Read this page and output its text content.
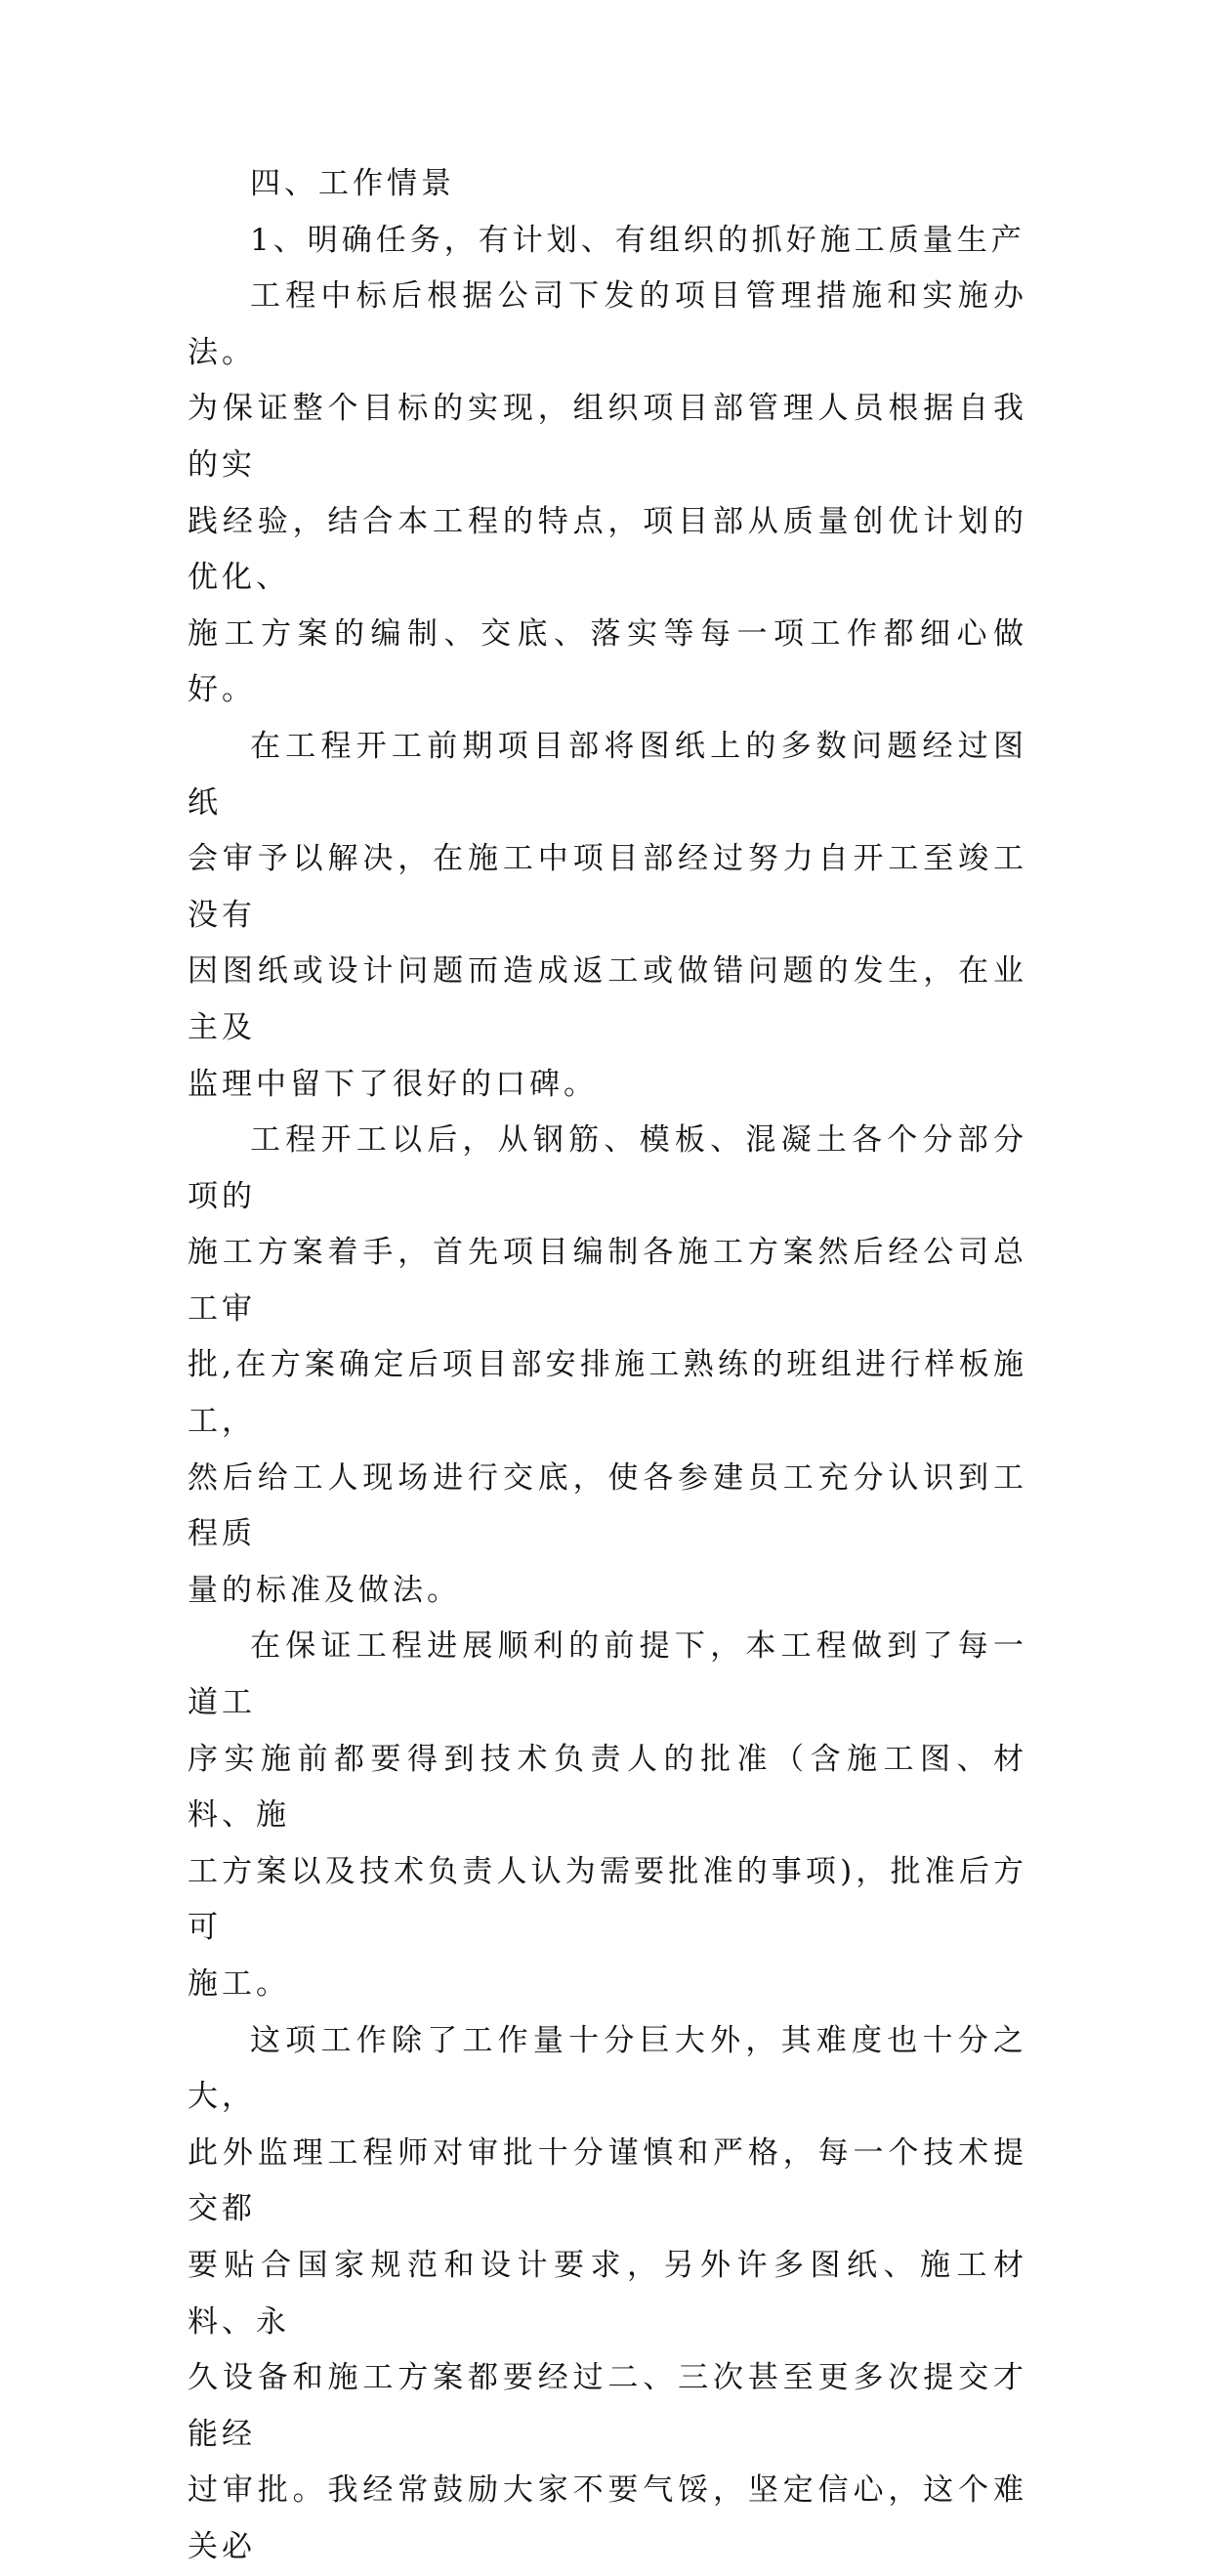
四、工作情景

1、明确任务，有计划、有组织的抓好施工质量生产

工程中标后根据公司下发的项目管理措施和实施办法。
为保证整个目标的实现，组织项目部管理人员根据自我的实
践经验，结合本工程的特点，项目部从质量创优计划的优化、
施工方案的编制、交底、落实等每一项工作都细心做好。

在工程开工前期项目部将图纸上的多数问题经过图纸
会审予以解决，在施工中项目部经过努力自开工至竣工没有
因图纸或设计问题而造成返工或做错问题的发生，在业主及
监理中留下了很好的口碑。

工程开工以后，从钢筋、模板、混凝土各个分部分项的
施工方案着手，首先项目编制各施工方案然后经公司总工审
批,在方案确定后项目部安排施工熟练的班组进行样板施工，
然后给工人现场进行交底，使各参建员工充分认识到工程质
量的标准及做法。

在保证工程进展顺利的前提下，本工程做到了每一道工
序实施前都要得到技术负责人的批准（含施工图、材料、施
工方案以及技术负责人认为需要批准的事项)，批准后方可
施工。

这项工作除了工作量十分巨大外，其难度也十分之大，
此外监理工程师对审批十分谨慎和严格，每一个技术提交都
要贴合国家规范和设计要求，另外许多图纸、施工材料、永
久设备和施工方案都要经过二、三次甚至更多次提交才能经
过审批。我经常鼓励大家不要气馁，坚定信心，这个难关必
